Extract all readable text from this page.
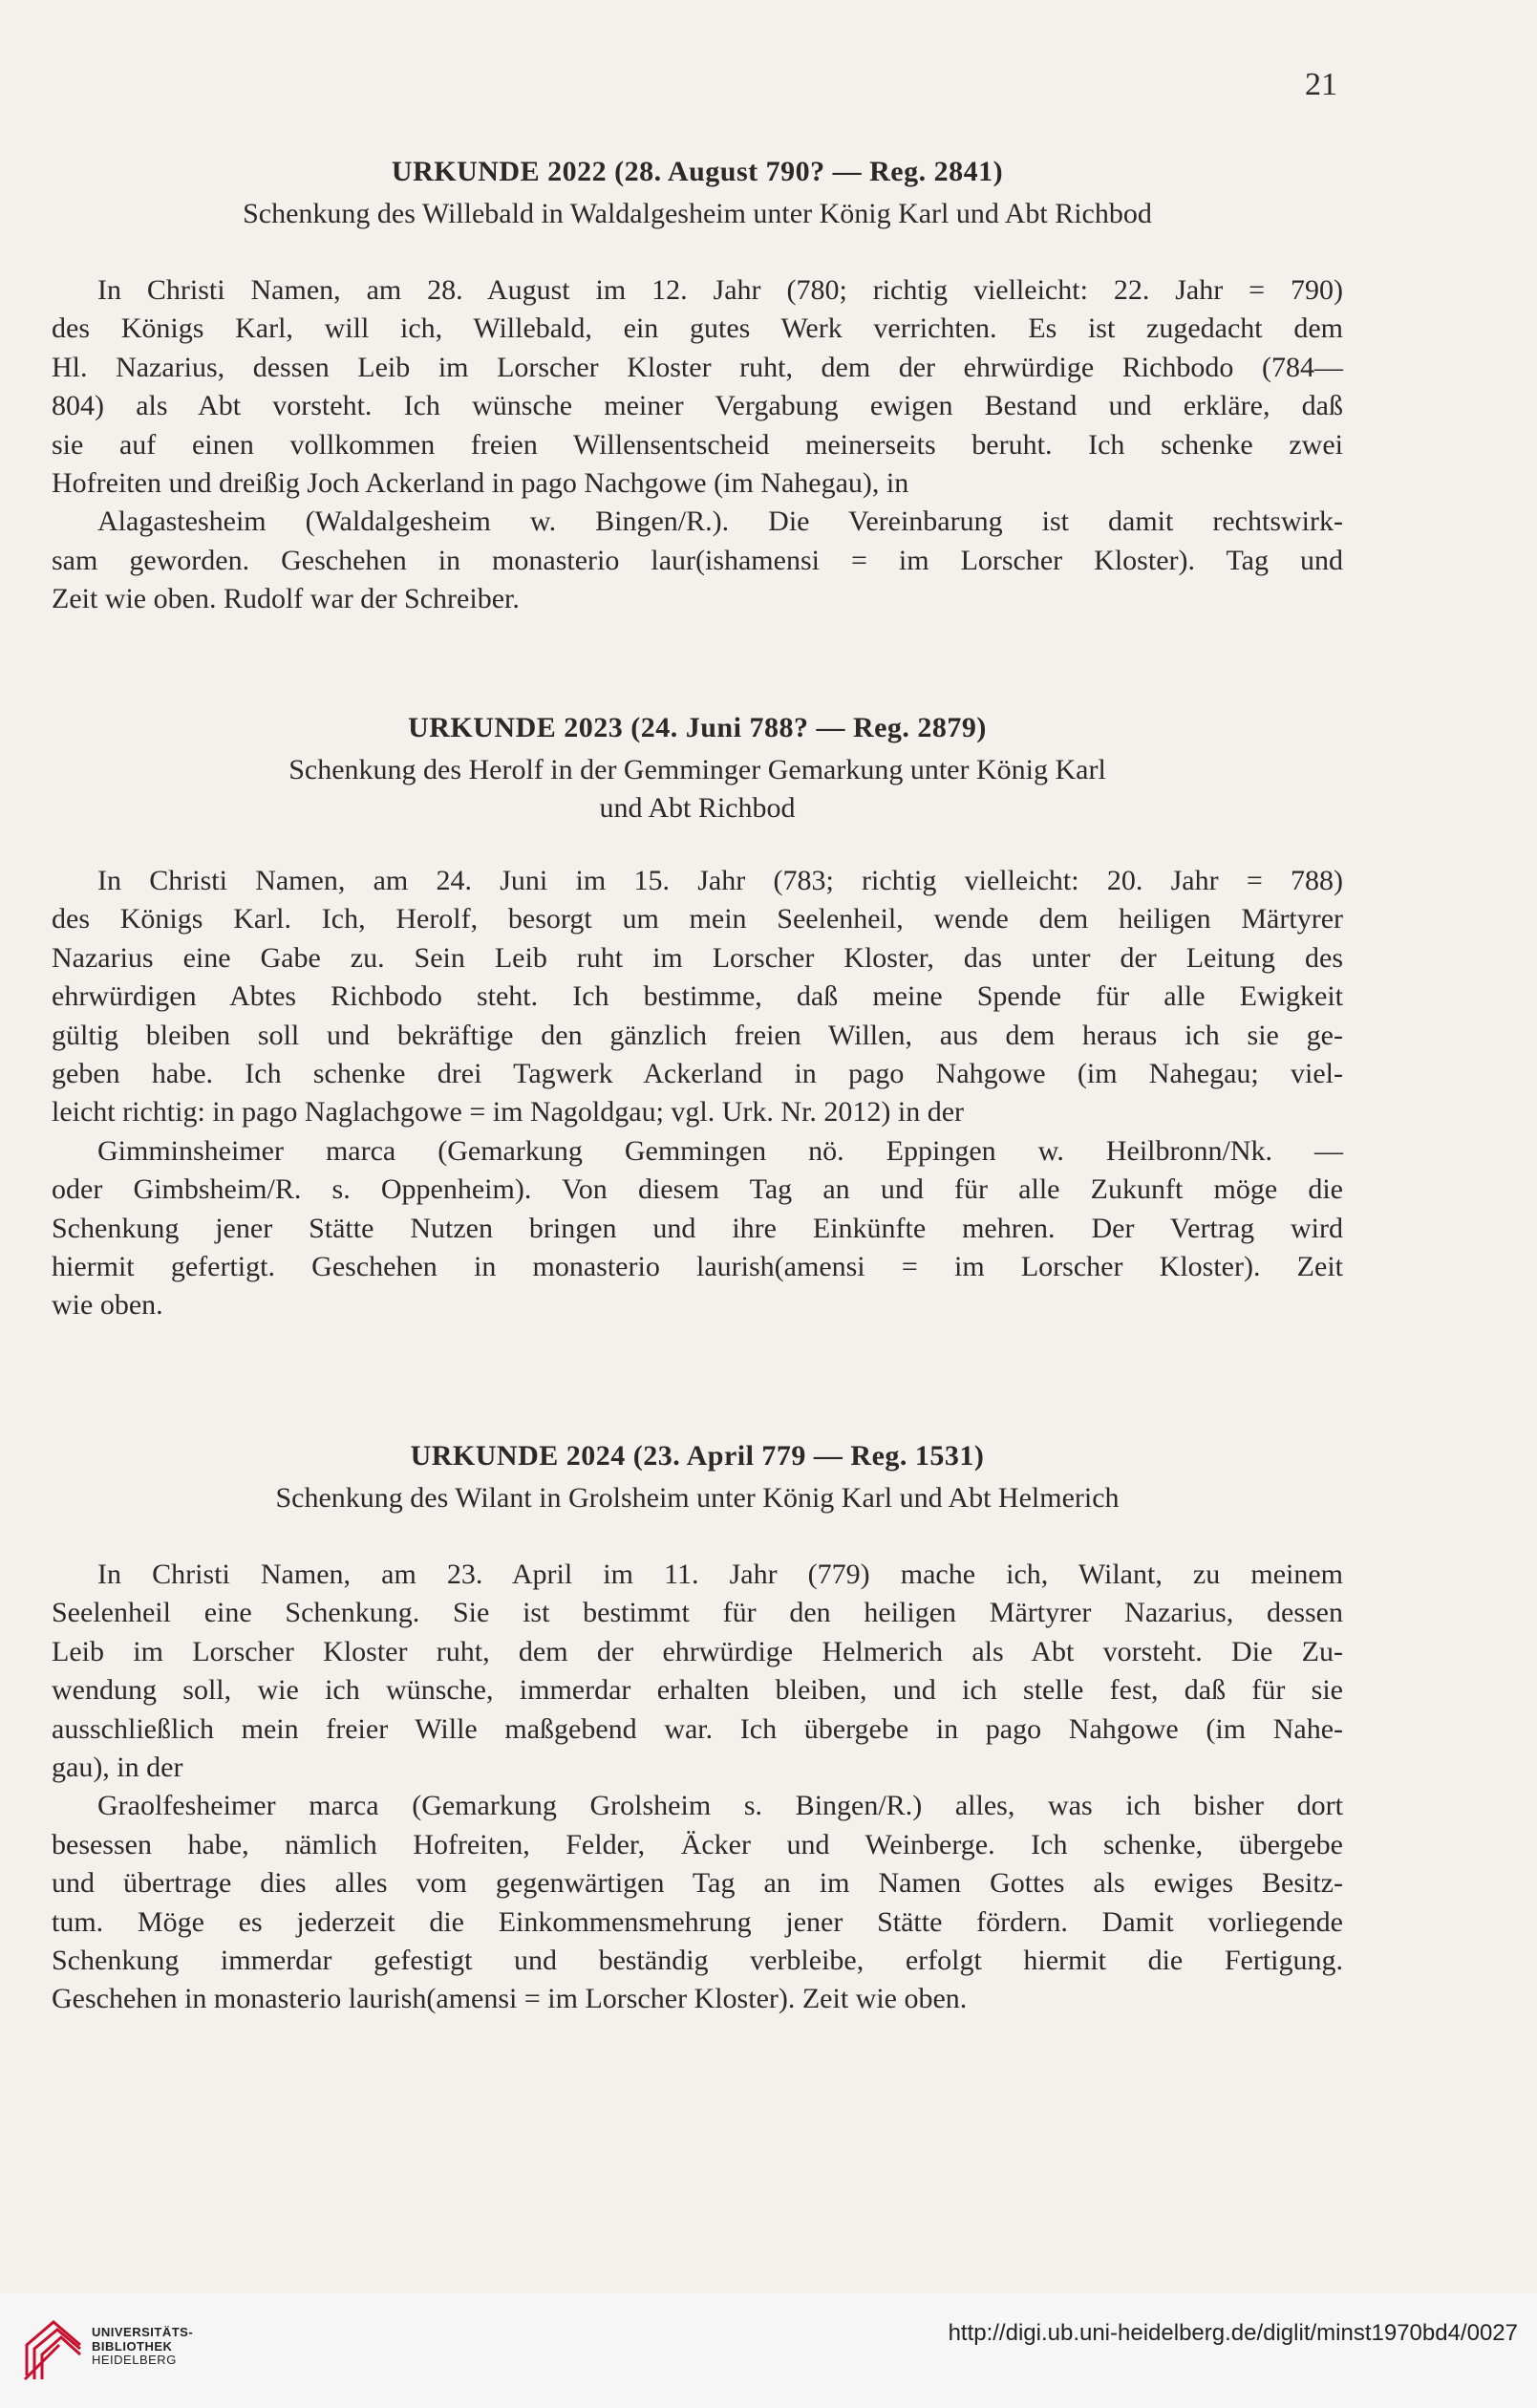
21
URKUNDE 2022 (28. August 790? — Reg. 2841)
Schenkung des Willebald in Waldalgesheim unter König Karl und Abt Richbod

In Christi Namen, am 28. August im 12. Jahr (780; richtig vielleicht: 22. Jahr = 790)
des Königs Karl, will ich, Willebald, ein gutes Werk verrichten. Es ist zugedacht dem
Hl. Nazarius, dessen Leib im Lorscher Kloster ruht, dem der ehrwürdige Richbodo (784—
804) als Abt vorsteht. Ich wünsche meiner Vergabung ewigen Bestand und erkläre, daß
sie auf einen vollkommen freien Willensentscheid meinerseits beruht. Ich schenke zwei
Hofreiten und dreißig Joch Ackerland in pago Nachgowe (im Nahegau), in

Alagastesheim (Waldalgesheim w. Bingen/R.). Die Vereinbarung ist damit rechtswirk-
sam geworden. Geschehen in monasterio laur(ishamensi = im Lorscher Kloster). Tag und
Zeit wie oben. Rudolf war der Schreiber.

URKUNDE 2023 (24. Juni 788? — Reg. 2879)
Schenkung des Herolf in der Gemminger Gemarkung unter König Karl
und Abt Richbod

In Christi Namen, am 24. Juni im 15. Jahr (783; richtig vielleicht: 20. Jahr = 788)
des Königs Karl. Ich, Herolf, besorgt um mein Seelenheil, wende dem heiligen Märtyrer
Nazarius eine Gabe zu. Sein Leib ruht im Lorscher Kloster, das unter der Leitung des
ehrwürdigen Abtes Richbodo steht. Ich bestimme, daß meine Spende für alle Ewigkeit
gültig bleiben soll und bekräftige den gänzlich freien Willen, aus dem heraus ich sie ge-
geben habe. Ich schenke drei Tagwerk Ackerland in pago Nahgowe (im Nahegau; viel-
leicht richtig: in pago Naglachgowe = im Nagoldgau; vgl. Urk. Nr. 2012) in der

Gimminsheimer marca (Gemarkung Gemmingen nö. Eppingen w. Heilbronn/Nk. —
oder Gimbsheim/R. s. Oppenheim). Von diesem Tag an und für alle Zukunft möge die
Schenkung jener Stätte Nutzen bringen und ihre Einkünfte mehren. Der Vertrag wird
hiermit gefertigt. Geschehen in monasterio laurish(amensi = im Lorscher Kloster). Zeit
wie oben.

URKUNDE 2024 (23. April 779 — Reg. 1531)
Schenkung des Wilant in Grolsheim unter König Karl und Abt Helmerich

In Christi Namen, am 23. April im 11. Jahr (779) mache ich, Wilant, zu meinem
Seelenheil eine Schenkung. Sie ist bestimmt für den heiligen Märtyrer Nazarius, dessen
Leib im Lorscher Kloster ruht, dem der ehrwürdige Helmerich als Abt vorsteht. Die Zu-
wendung soll, wie ich wünsche, immerdar erhalten bleiben, und ich stelle fest, daß für sie
ausschließlich mein freier Wille maßgebend war. Ich übergebe in pago Nahgowe (im Nahe-
gau), in der

Graolfesheimer marca (Gemarkung Grolsheim s. Bingen/R.) alles, was ich bisher dort
besessen habe, nämlich Hofreiten, Felder, Äcker und Weinberge. Ich schenke, übergebe
und übertrage dies alles vom gegenwärtigen Tag an im Namen Gottes als ewiges Besitz-
tum. Möge es jederzeit die Einkommensmehrung jener Stätte fördern. Damit vorliegende
Schenkung immerdar gefestigt und beständig verbleibe, erfolgt hiermit die Fertigung.
Geschehen in monasterio laurish(amensi = im Lorscher Kloster). Zeit wie oben.

UNIVERSITÄTS-
BIBLIOTHEK
HEIDELBERG
http://digi.ub.uni-heidelberg.de/diglit/minst1970bd4/0027
